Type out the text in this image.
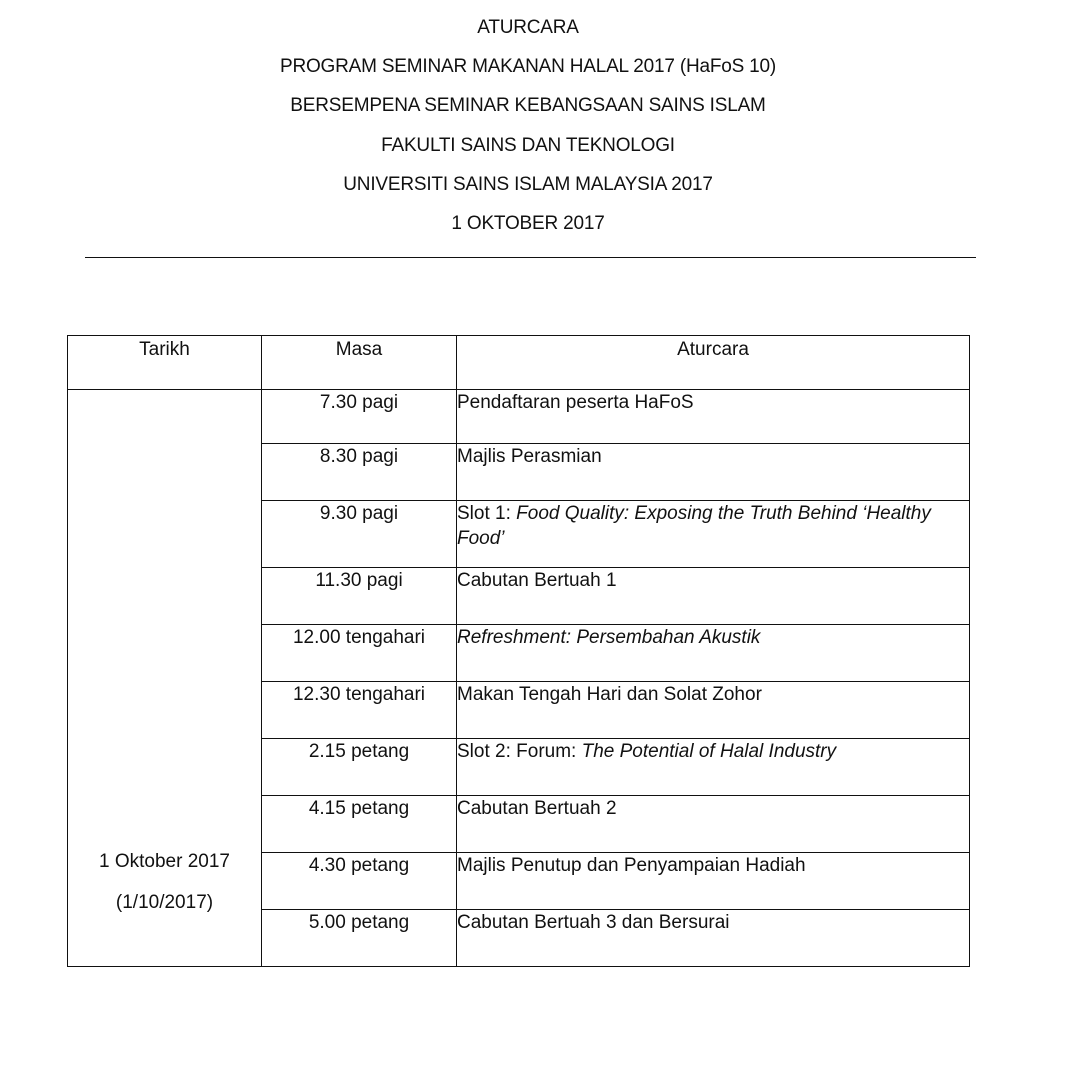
ATURCARA
PROGRAM SEMINAR MAKANAN HALAL 2017 (HaFoS 10)
BERSEMPENA SEMINAR KEBANGSAAN SAINS ISLAM
FAKULTI SAINS DAN TEKNOLOGI
UNIVERSITI SAINS ISLAM MALAYSIA 2017
1 OKTOBER 2017
Tarikh	Masa	Aturcara

1 Oktober 2017
(1/10/2017)	7.30 pagi	Pendaftaran peserta HaFoS
	8.30 pagi	Majlis Perasmian
	9.30 pagi	Slot 1: Food Quality: Exposing the Truth Behind ‘Healthy Food’
	11.30 pagi	Cabutan Bertuah 1
	12.00 tengahari	Refreshment: Persembahan Akustik
	12.30 tengahari	Makan Tengah Hari dan Solat Zohor
	2.15 petang	Slot 2: Forum: The Potential of Halal Industry
	4.15 petang	Cabutan Bertuah 2
	4.30 petang	Majlis Penutup dan Penyampaian Hadiah
	5.00 petang	Cabutan Bertuah 3 dan Bersurai
